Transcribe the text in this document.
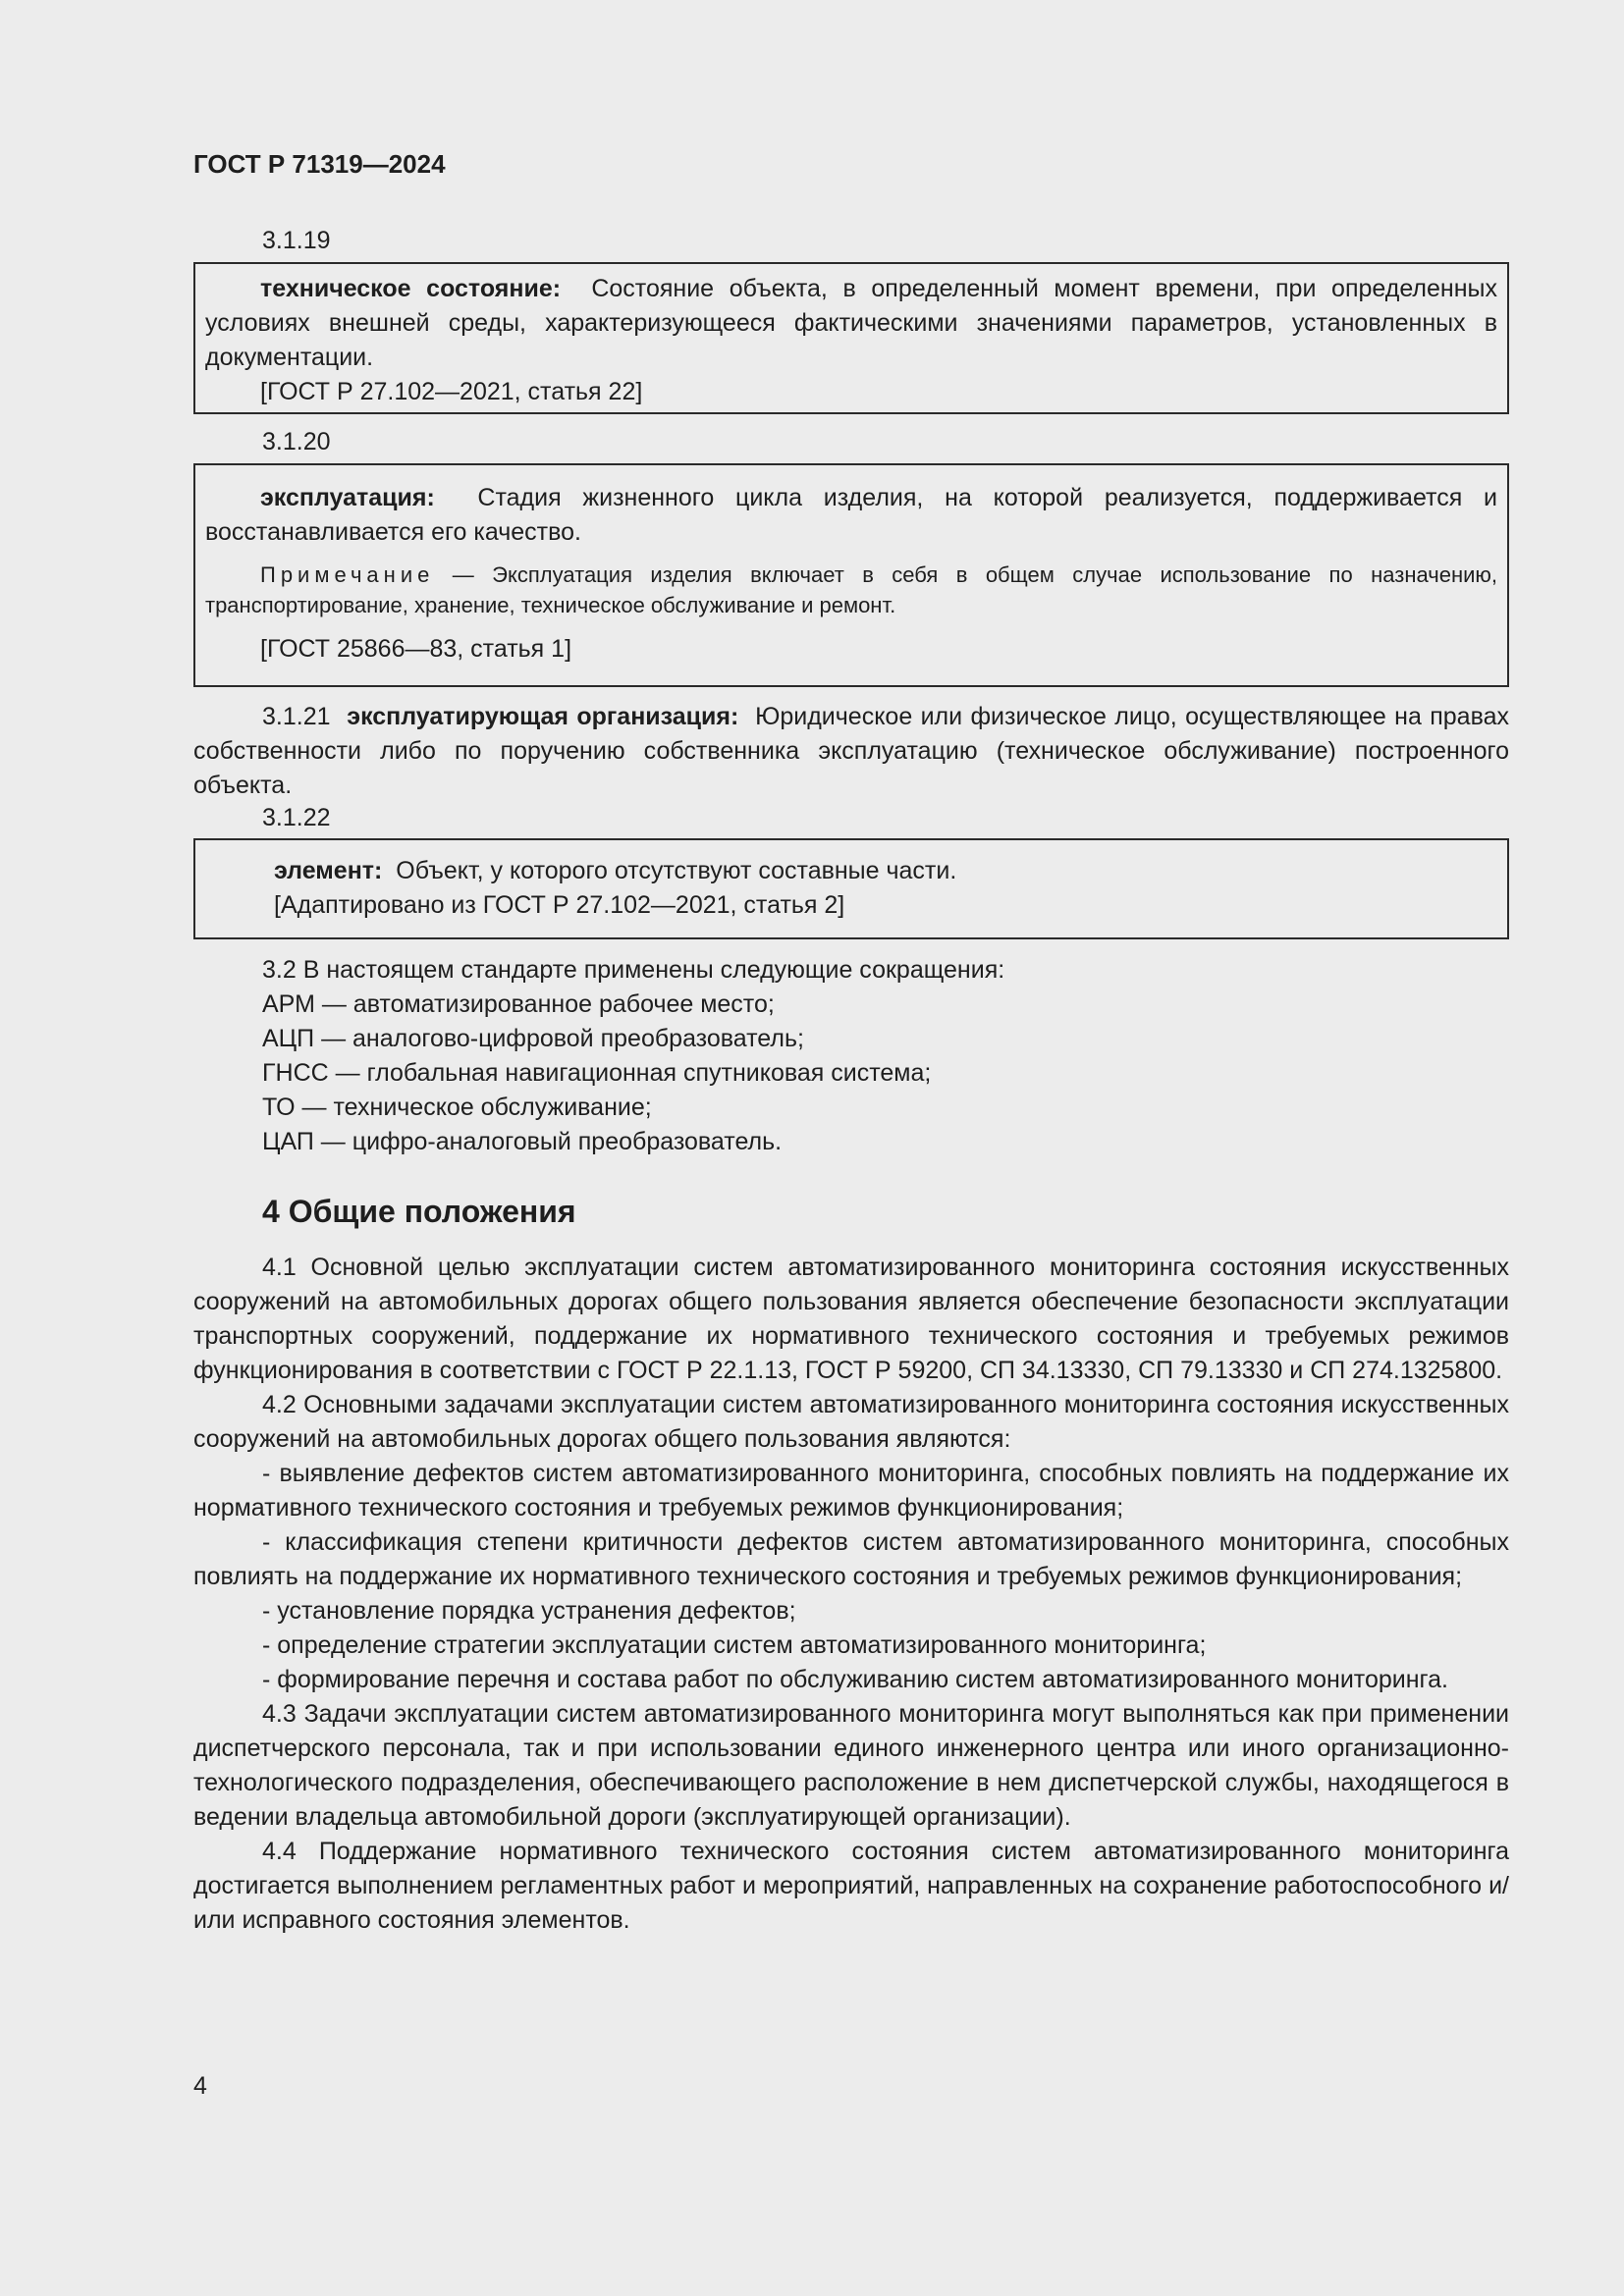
ГОСТ Р 71319—2024
3.1.19

техническое состояние: Состояние объекта, в определенный момент времени, при определенных условиях внешней среды, характеризующееся фактическими значениями параметров, установленных в документации.

[ГОСТ Р 27.102—2021, статья 22]
3.1.20

эксплуатация: Стадия жизненного цикла изделия, на которой реализуется, поддерживается и восстанавливается его качество.

Примечание — Эксплуатация изделия включает в себя в общем случае использование по назначению, транспортирование, хранение, техническое обслуживание и ремонт.

[ГОСТ 25866—83, статья 1]

3.1.21 эксплуатирующая организация: Юридическое или физическое лицо, осуществляющее на правах собственности либо по поручению собственника эксплуатацию (техническое обслуживание) построенного объекта.

3.1.22
элемент: Объект, у которого отсутствуют составные части.
[Адаптировано из ГОСТ Р 27.102—2021, статья 2]
3.2 В настоящем стандарте применены следующие сокращения:
АРМ — автоматизированное рабочее место;
АЦП — аналогово-цифровой преобразователь;
ГНСС — глобальная навигационная спутниковая система;
ТО — техническое обслуживание;
ЦАП — цифро-аналоговый преобразователь.
4 Общие положения

4.1 Основной целью эксплуатации систем автоматизированного мониторинга состояния искусственных сооружений на автомобильных дорогах общего пользования является обеспечение безопасности эксплуатации транспортных сооружений, поддержание их нормативного технического состояния и требуемых режимов функционирования в соответствии с ГОСТ Р 22.1.13, ГОСТ Р 59200, СП 34.13330, СП 79.13330 и СП 274.1325800.

4.2 Основными задачами эксплуатации систем автоматизированного мониторинга состояния искусственных сооружений на автомобильных дорогах общего пользования являются:

- выявление дефектов систем автоматизированного мониторинга, способных повлиять на поддержание их нормативного технического состояния и требуемых режимов функционирования;

- классификация степени критичности дефектов систем автоматизированного мониторинга, способных повлиять на поддержание их нормативного технического состояния и требуемых режимов функционирования;

- установление порядка устранения дефектов;

- определение стратегии эксплуатации систем автоматизированного мониторинга;

- формирование перечня и состава работ по обслуживанию систем автоматизированного мониторинга.

4.3 Задачи эксплуатации систем автоматизированного мониторинга могут выполняться как при применении диспетчерского персонала, так и при использовании единого инженерного центра или иного организационно-технологического подразделения, обеспечивающего расположение в нем диспетчерской службы, находящегося в ведении владельца автомобильной дороги (эксплуатирующей организации).

4.4 Поддержание нормативного технического состояния систем автоматизированного мониторинга достигается выполнением регламентных работ и мероприятий, направленных на сохранение работоспособного и/или исправного состояния элементов.

4
